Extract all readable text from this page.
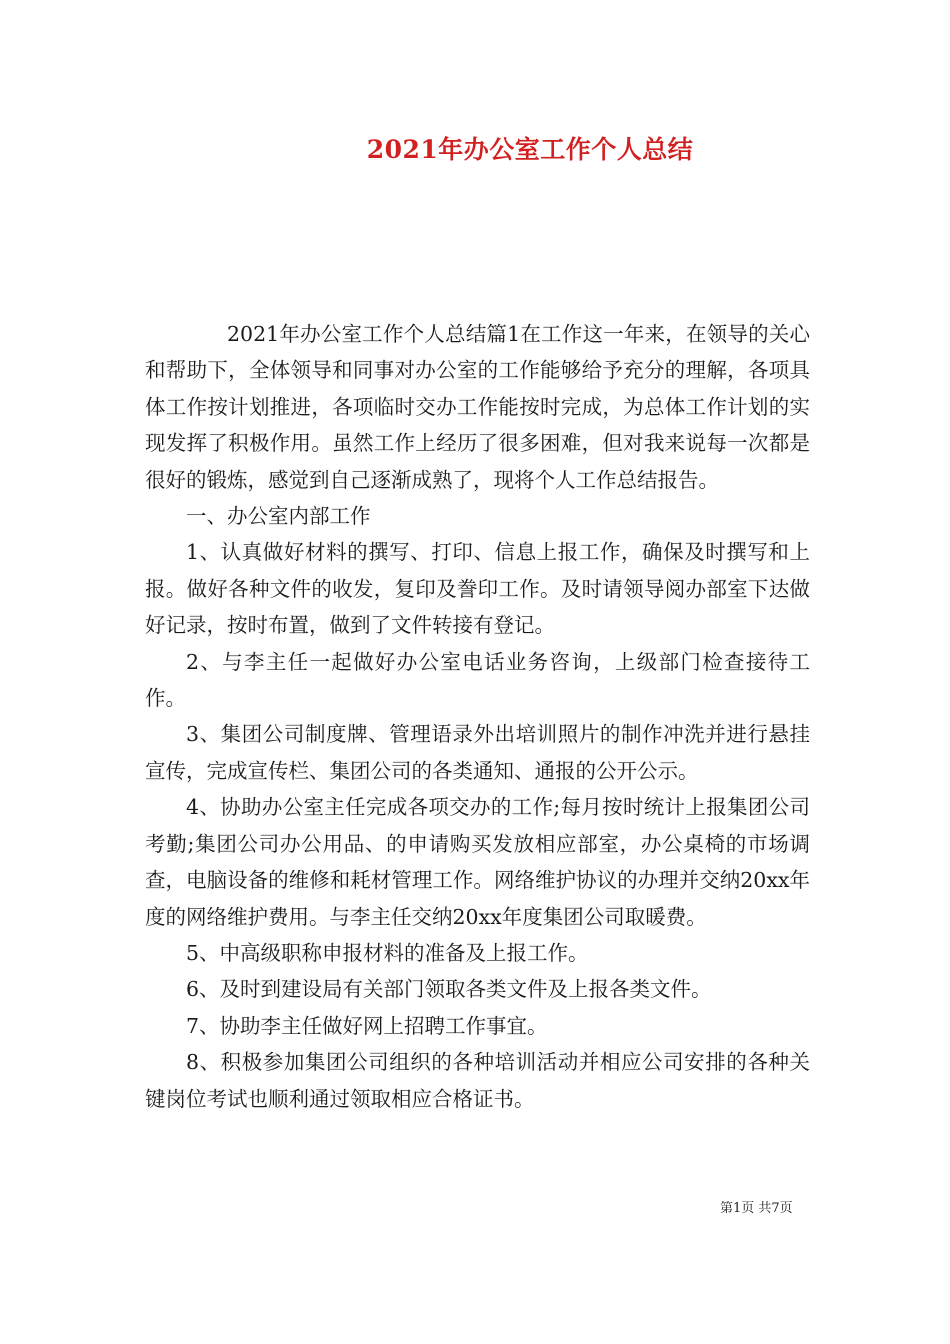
2021年办公室工作个人总结

2021年办公室工作个人总结篇1在工作这一年来，在领导的关心和帮助下，全体领导和同事对办公室的工作能够给予充分的理解，各项具体工作按计划推进，各项临时交办工作能按时完成，为总体工作计划的实现发挥了积极作用。虽然工作上经历了很多困难，但对我来说每一次都是很好的锻炼，感觉到自己逐渐成熟了，现将个人工作总结报告。

一、办公室内部工作

1、认真做好材料的撰写、打印、信息上报工作，确保及时撰写和上报。做好各种文件的收发，复印及誊印工作。及时请领导阅办部室下达做好记录，按时布置，做到了文件转接有登记。

2、与李主任一起做好办公室电话业务咨询，上级部门检查接待工作。

3、集团公司制度牌、管理语录外出培训照片的制作冲洗并进行悬挂宣传，完成宣传栏、集团公司的各类通知、通报的公开公示。

4、协助办公室主任完成各项交办的工作;每月按时统计上报集团公司考勤;集团公司办公用品、的申请购买发放相应部室，办公桌椅的市场调查，电脑设备的维修和耗材管理工作。网络维护协议的办理并交纳20xx年度的网络维护费用。与李主任交纳20xx年度集团公司取暖费。

5、中高级职称申报材料的准备及上报工作。

6、及时到建设局有关部门领取各类文件及上报各类文件。

7、协助李主任做好网上招聘工作事宜。

8、积极参加集团公司组织的各种培训活动并相应公司安排的各种关键岗位考试也顺利通过领取相应合格证书。

第1页 共7页
